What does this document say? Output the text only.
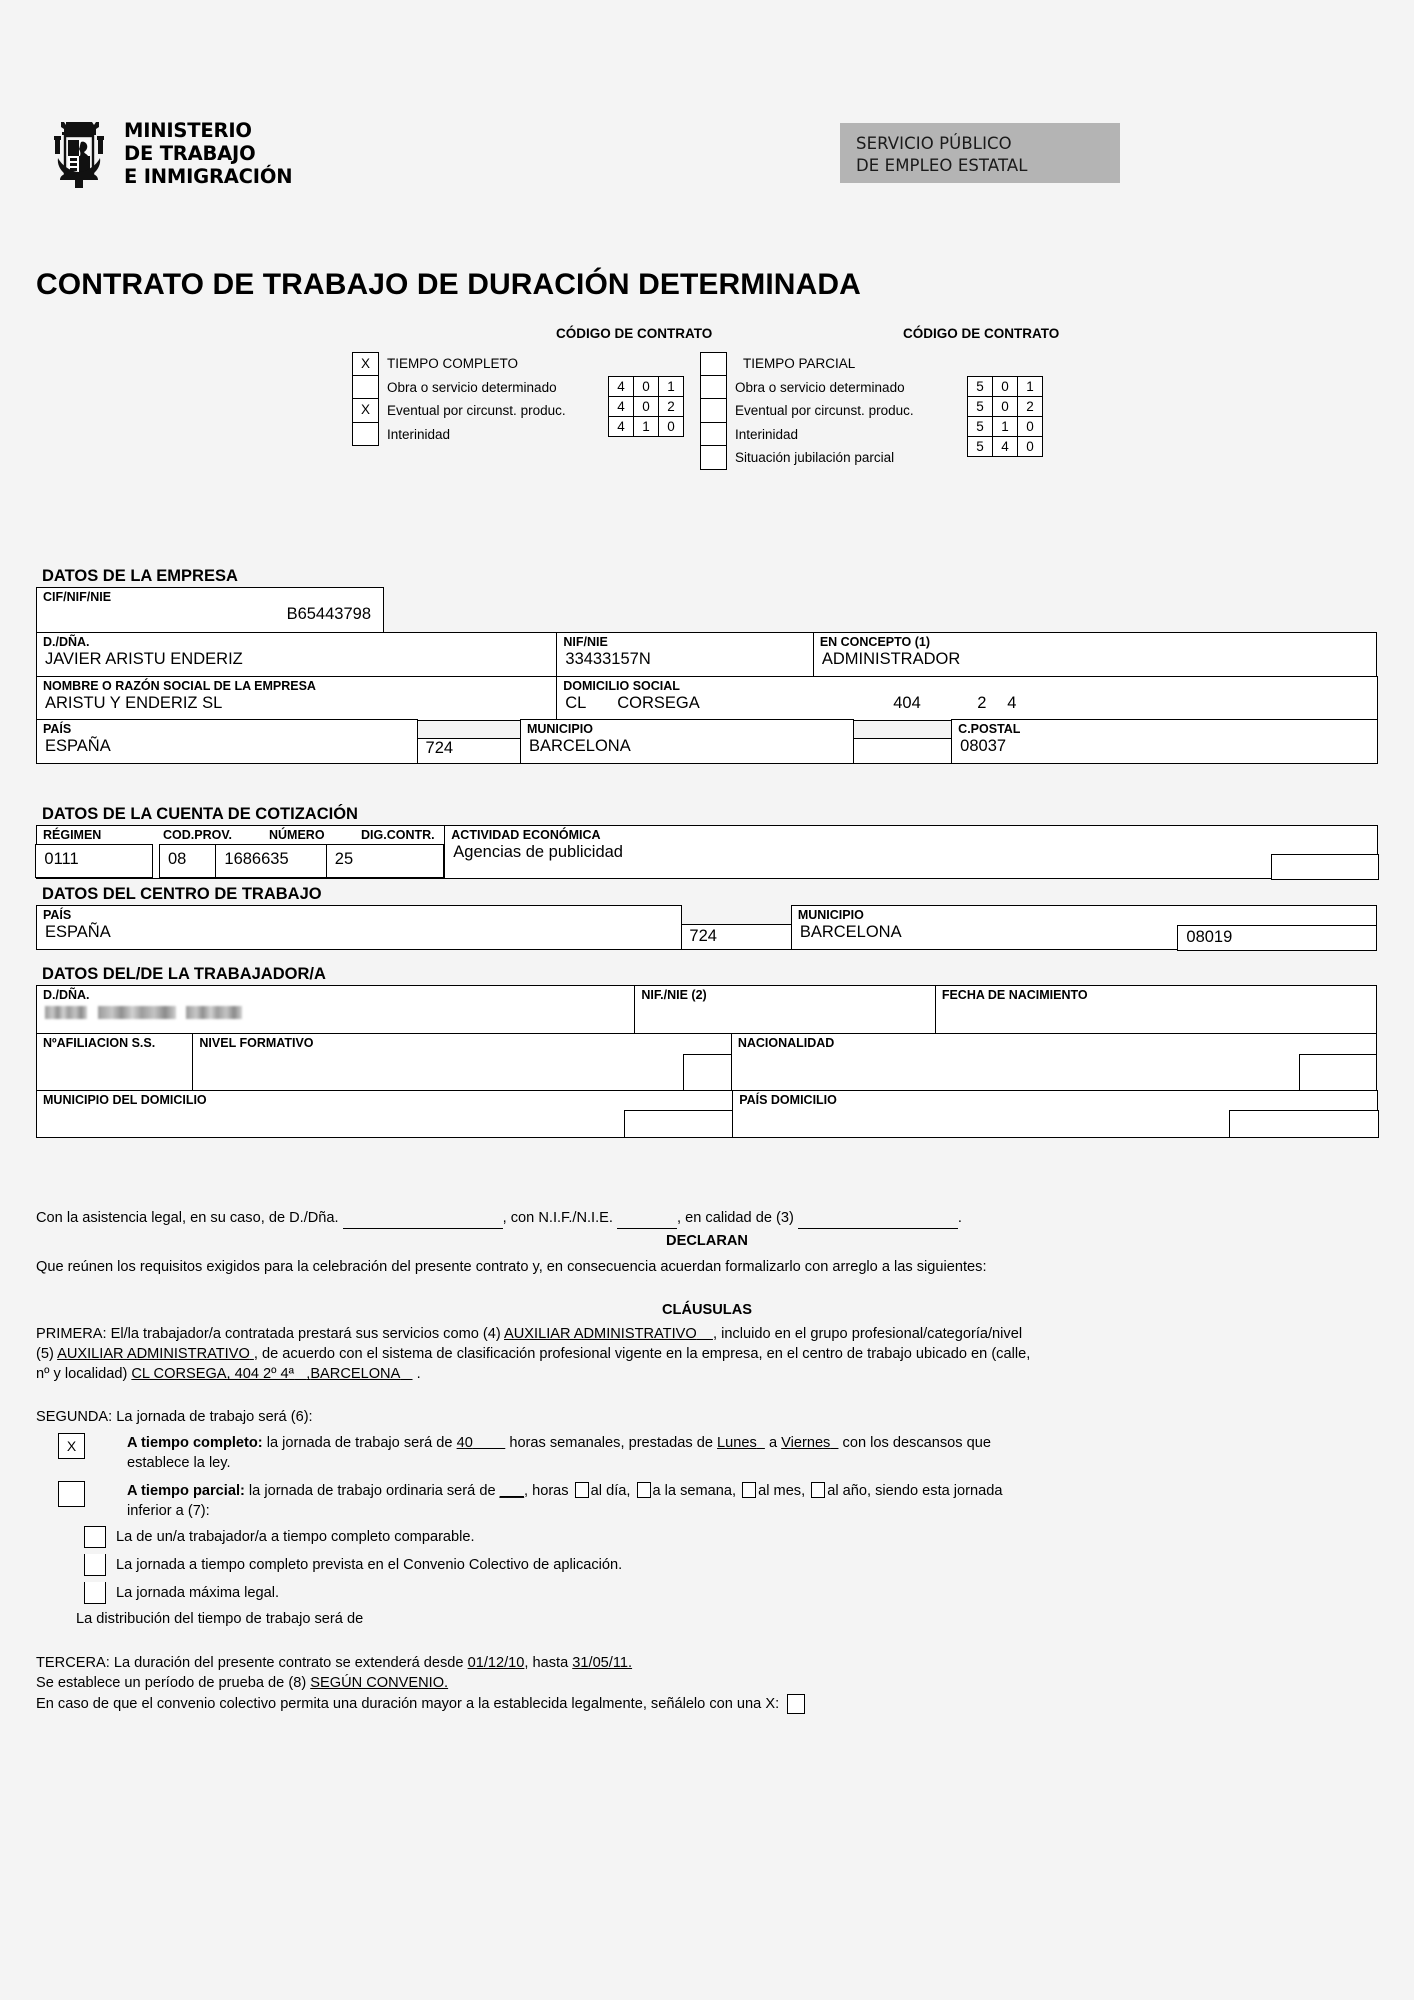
MINISTERIO
DE TRABAJO
E INMIGRACIÓN
SERVICIO PÚBLICO
DE EMPLEO ESTATAL
CONTRATO DE TRABAJO DE DURACIÓN DETERMINADA
CÓDIGO DE CONTRATO	CÓDIGO DE CONTRATO
X	TIEMPO COMPLETO
Obra o servicio determinado
X	Eventual por circunst. produc.
Interinidad
4	0	1
4	0	2
4	1	0
TIEMPO PARCIAL
Obra o servicio determinado
Eventual por circunst. produc.
Interinidad
Situación jubilación parcial
5	0	1
5	0	2
5	1	0
5	4	0
DATOS DE LA EMPRESA
CIF/NIF/NIE
B65443798
D./DÑA.
JAVIER ARISTU ENDERIZ
NIF/NIE
33433157N
EN CONCEPTO (1)
ADMINISTRADOR
NOMBRE O RAZÓN SOCIAL DE LA EMPRESA
ARISTU Y ENDERIZ SL
DOMICILIO SOCIAL
CL CORSEGA	404	2 4
PAÍS
ESPAÑA	724
MUNICIPIO
BARCELONA
C.POSTAL
08037
DATOS DE LA CUENTA DE COTIZACIÓN
RÉGIMEN	COD.PROV.	NÚMERO	DIG.CONTR.
0111	08	1686635	25
ACTIVIDAD ECONÓMICA
Agencias de publicidad
DATOS DEL CENTRO DE TRABAJO
PAÍS
ESPAÑA	724
MUNICIPIO
BARCELONA	08019
DATOS DEL/DE LA TRABAJADOR/A
D./DÑA.
	NIF./NIE (2)	FECHA DE NACIMIENTO
NºAFILIACION S.S.	NIVEL FORMATIVO	NACIONALIDAD
MUNICIPIO DEL DOMICILIO	PAÍS DOMICILIO
Con la asistencia legal, en su caso, de D./Dña.	, con N.I.F./N.I.E.	, en calidad de (3)	.
DECLARAN
Que reúnen los requisitos exigidos para la celebración del presente contrato y, en consecuencia acuerdan formalizarlo con arreglo a las siguientes:
CLÁUSULAS
PRIMERA: El/la trabajador/a contratada prestará sus servicios como (4) AUXILIAR ADMINISTRATIVO , incluido en el grupo profesional/categoría/nivel
(5) AUXILIAR ADMINISTRATIVO , de acuerdo con el sistema de clasificación profesional vigente en la empresa, en el centro de trabajo ubicado en (calle,
nº y localidad) CL CORSEGA, 404 2º 4ª ,BARCELONA .
SEGUNDA: La jornada de trabajo será (6):
X	A tiempo completo: la jornada de trabajo será de 40	horas semanales, prestadas de Lunes a Viernes con los descansos que
establece la ley.
A tiempo parcial: la jornada de trabajo ordinaria será de ___, horas al día, a la semana, al mes, al año, siendo esta jornada
inferior a (7):
La de un/a trabajador/a a tiempo completo comparable.
La jornada a tiempo completo prevista en el Convenio Colectivo de aplicación.
La jornada máxima legal.
La distribución del tiempo de trabajo será de
TERCERA: La duración del presente contrato se extenderá desde 01/12/10, hasta 31/05/11.
Se establece un período de prueba de (8) SEGÚN CONVENIO.
En caso de que el convenio colectivo permita una duración mayor a la establecida legalmente, señálelo con una X:
